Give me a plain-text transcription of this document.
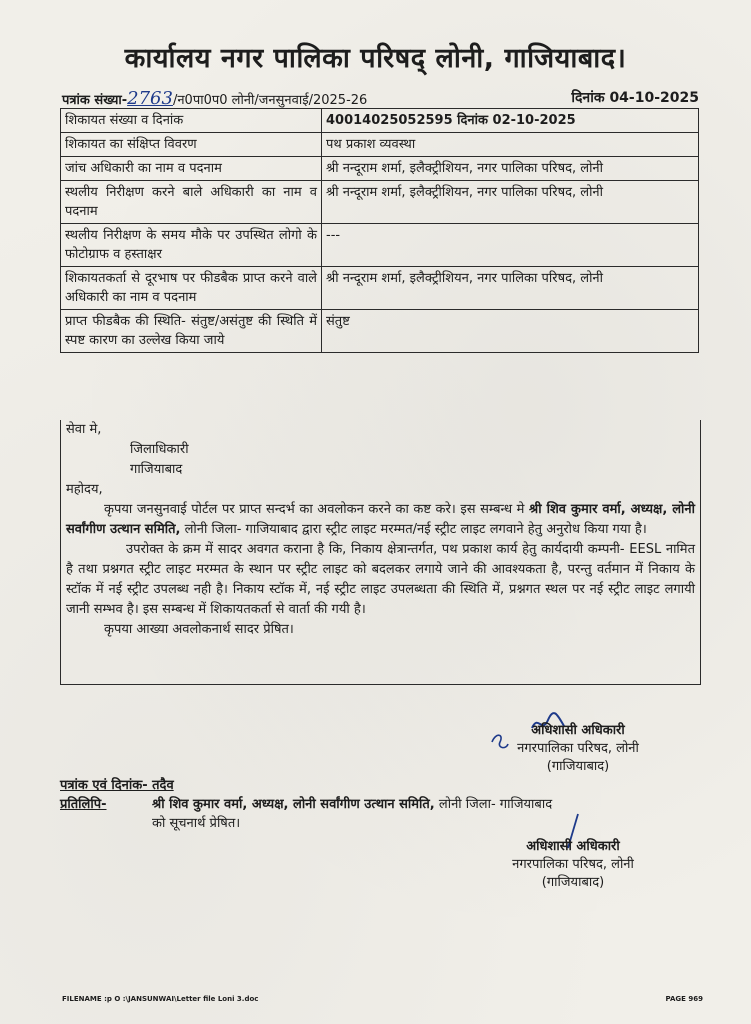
कार्यालय नगर पालिका परिषद् लोनी, गाजियाबाद।
पत्रांक संख्या-2763/न0पा0प0 लोनी/जनसुनवाई/2025-26	दिनांक 04-10-2025
शिकायत संख्या व दिनांक	40014025052595 दिनांक 02-10-2025
शिकायत का संक्षिप्त विवरण	पथ प्रकाश व्यवस्था
जांच अधिकारी का नाम व पदनाम	श्री नन्दूराम शर्मा, इलैक्ट्रीशियन, नगर पालिका परिषद, लोनी
स्थलीय निरीक्षण करने बाले अधिकारी का नाम व पदनाम	श्री नन्दूराम शर्मा, इलैक्ट्रीशियन, नगर पालिका परिषद, लोनी
स्थलीय निरीक्षण के समय मौके पर उपस्थित लोगो के फोटोग्राफ व हस्ताक्षर	---
शिकायतकर्ता से दूरभाष पर फीडबैक प्राप्त करने वाले अधिकारी का नाम व पदनाम	श्री नन्दूराम शर्मा, इलैक्ट्रीशियन, नगर पालिका परिषद, लोनी
प्राप्त फीडबैक की स्थिति- संतुष्ट/असंतुष्ट की स्थिति में स्पष्ट कारण का उल्लेख किया जाये	संतुष्ट

सेवा मे,

जिलाधिकारी

गाजियाबाद

महोदय,

कृपया जनसुनवाई पोर्टल पर प्राप्त सन्दर्भ का अवलोकन करने का कष्ट करे। इस सम्बन्ध मे श्री शिव कुमार वर्मा, अध्यक्ष, लोनी सर्वांगीण उत्थान समिति, लोनी जिला- गाजियाबाद द्वारा स्ट्रीट लाइट मरम्मत/नई स्ट्रीट लाइट लगवाने हेतु अनुरोध किया गया है।

उपरोक्त के क्रम में सादर अवगत कराना है कि, निकाय क्षेत्रान्तर्गत, पथ प्रकाश कार्य हेतु कार्यदायी कम्पनी- EESL नामित है तथा प्रश्नगत स्ट्रीट लाइट मरम्मत के स्थान पर स्ट्रीट लाइट को बदलकर लगाये जाने की आवश्यकता है, परन्तु वर्तमान में निकाय के स्टॉक में नई स्ट्रीट उपलब्ध नही है। निकाय स्टॉक में, नई स्ट्रीट लाइट उपलब्धता की स्थिति में, प्रश्नगत स्थल पर नई स्ट्रीट लाइट लगायी जानी सम्भव है। इस सम्बन्ध में शिकायतकर्ता से वार्ता की गयी है।

कृपया आख्या अवलोकनार्थ सादर प्रेषित।

अधिशासी अधिकारी
नगरपालिका परिषद, लोनी
(गाजियाबाद)
पत्रांक एवं दिनांक- तदैव
प्रतिलिपि-	श्री शिव कुमार वर्मा, अध्यक्ष, लोनी सर्वांगीण उत्थान समिति, लोनी जिला- गाजियाबाद
को सूचनार्थ प्रेषित।
अधिशासी अधिकारी
नगरपालिका परिषद, लोनी
(गाजियाबाद)
FILENAME :p O :\JANSUNWAI\Letter file Loni 3.doc	PAGE 969
